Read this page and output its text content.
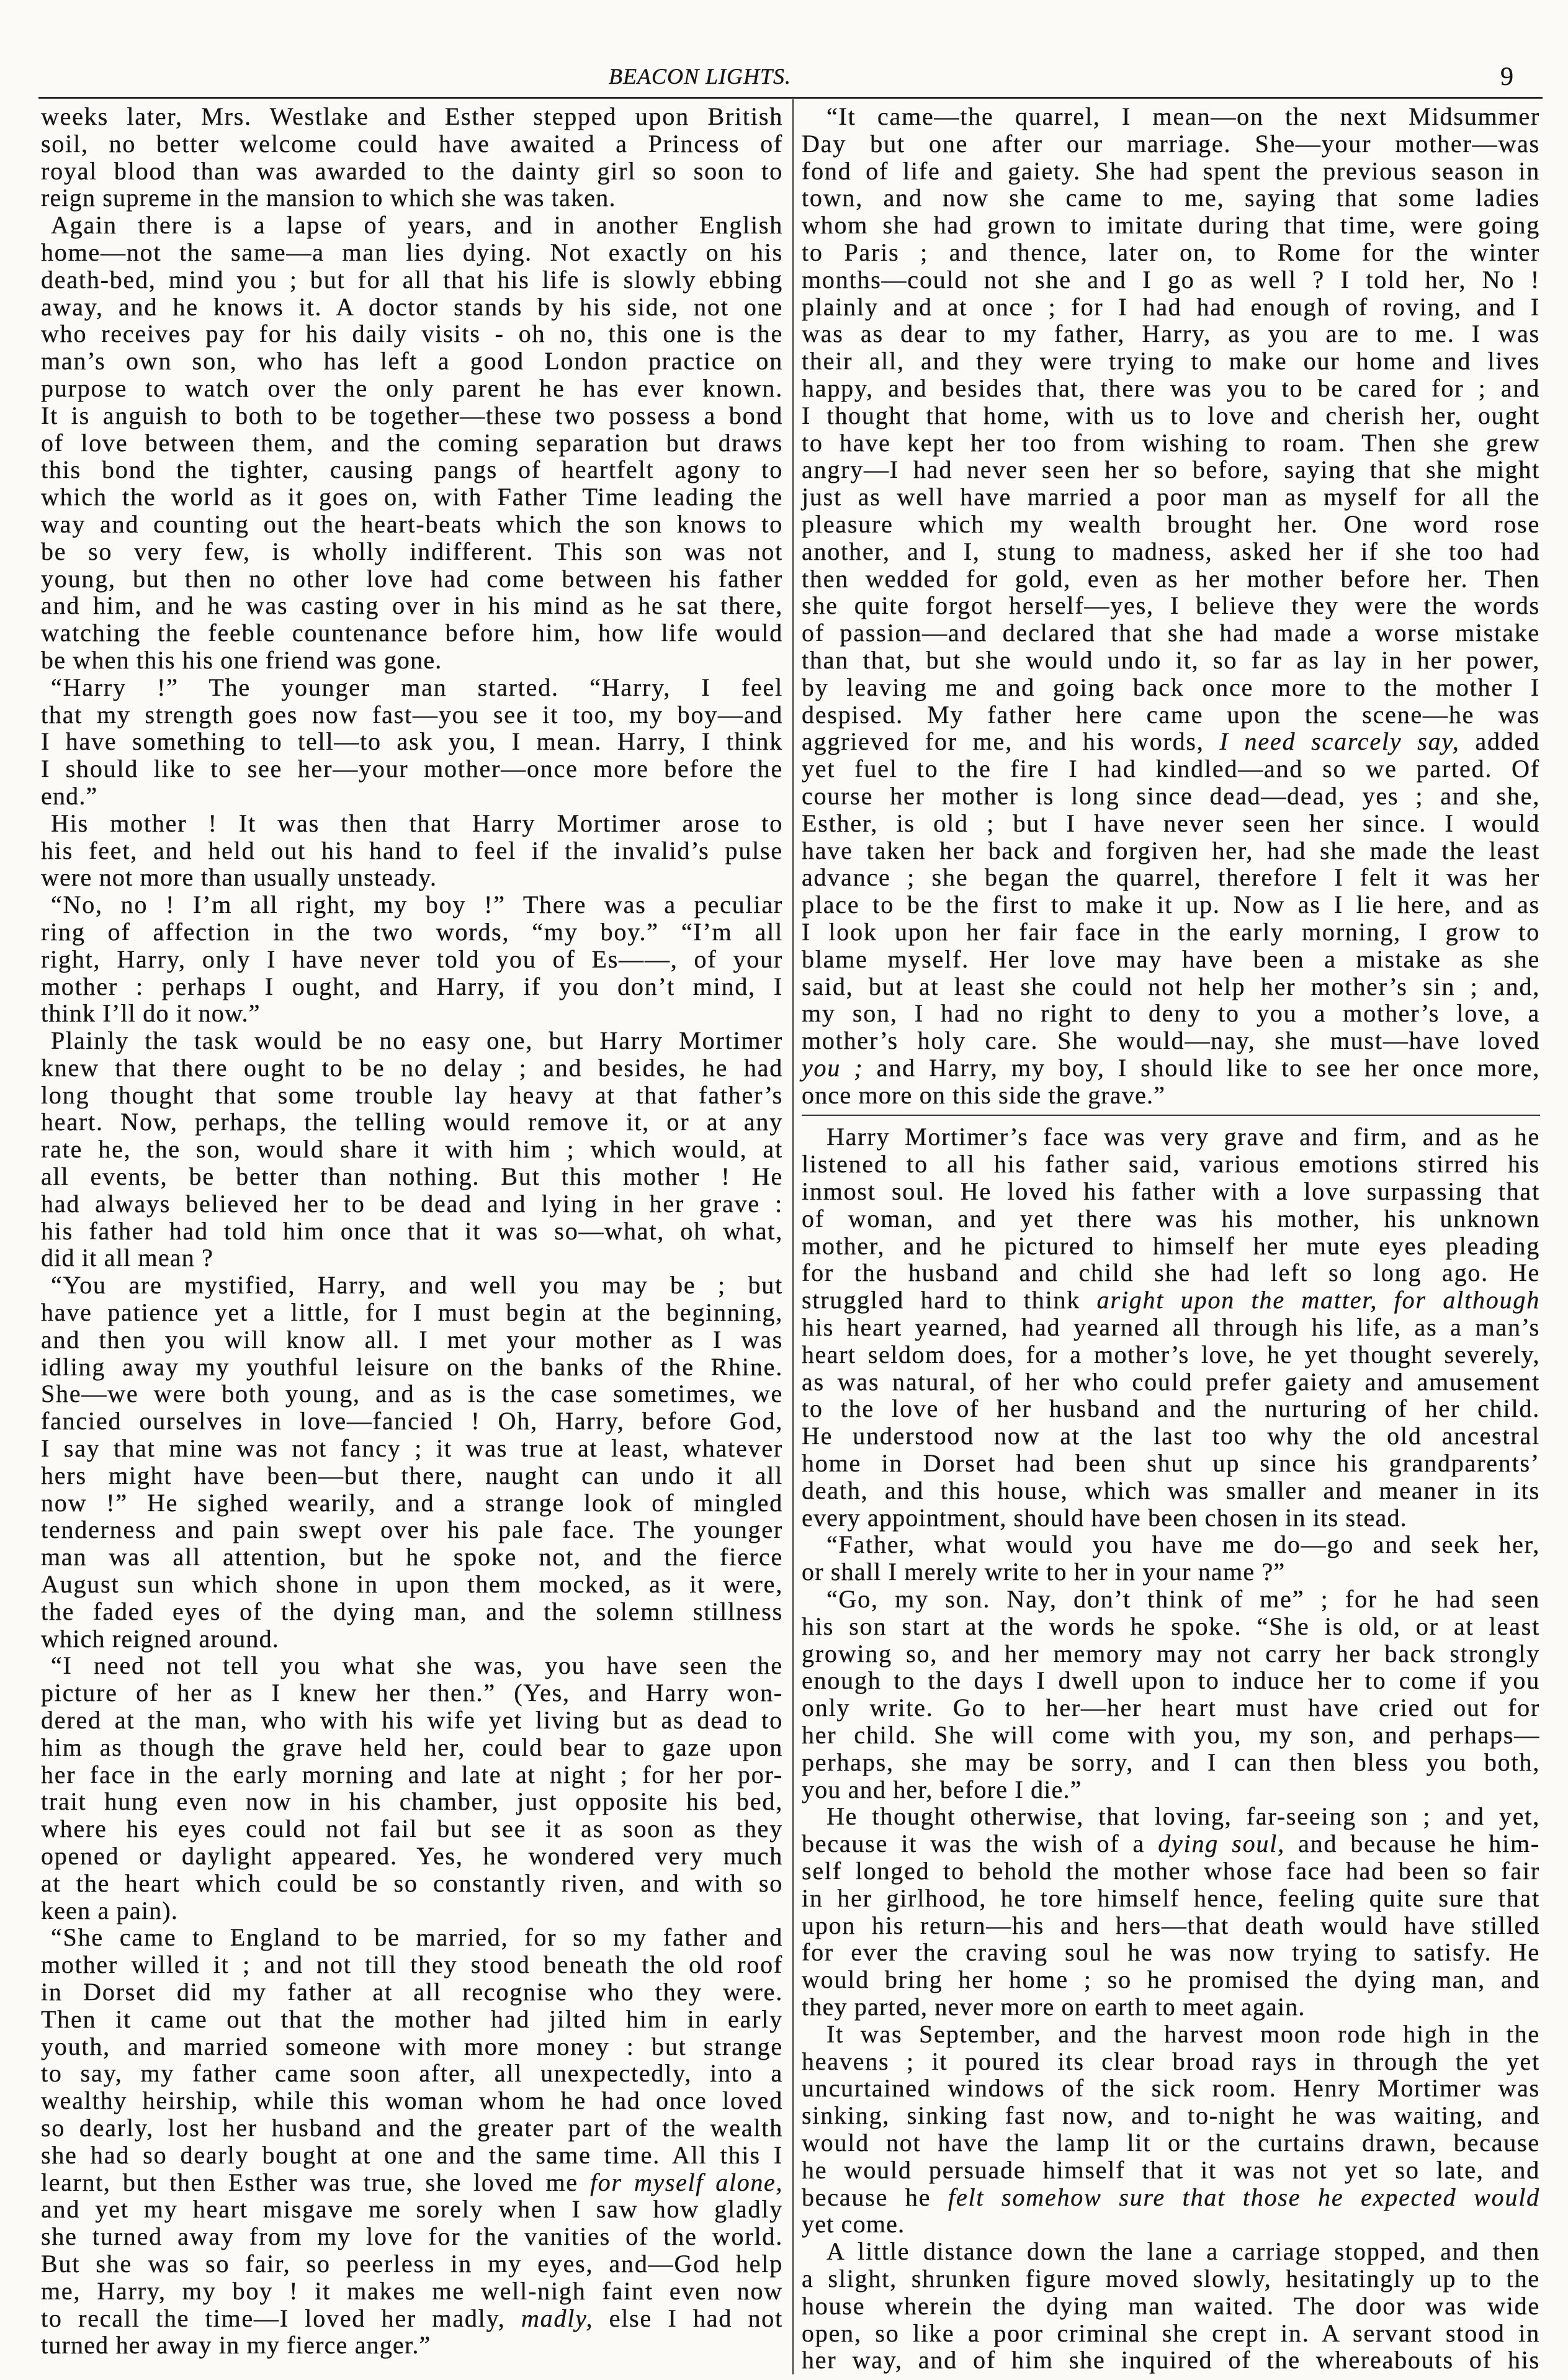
BEACON LIGHTS.	9
weeks later, Mrs. Westlake and Esther stepped upon British
soil, no better welcome could have awaited a Princess of
royal blood than was awarded to the dainty girl so soon to
reign supreme in the mansion to which she was taken.
Again there is a lapse of years, and in another English
home—not the same—a man lies dying. Not exactly on his
death-bed, mind you ; but for all that his life is slowly ebbing
away, and he knows it. A doctor stands by his side, not one
who receives pay for his daily visits - oh no, this one is the
man’s own son, who has left a good London practice on
purpose to watch over the only parent he has ever known.
It is anguish to both to be together—these two possess a bond
of love between them, and the coming separation but draws
this bond the tighter, causing pangs of heartfelt agony to
which the world as it goes on, with Father Time leading the
way and counting out the heart-beats which the son knows to
be so very few, is wholly indifferent. This son was not
young, but then no other love had come between his father
and him, and he was casting over in his mind as he sat there,
watching the feeble countenance before him, how life would
be when this his one friend was gone.
“Harry !” The younger man started. “Harry, I feel
that my strength goes now fast—you see it too, my boy—and
I have something to tell—to ask you, I mean. Harry, I think
I should like to see her—your mother—once more before the
end.”
His mother ! It was then that Harry Mortimer arose to
his feet, and held out his hand to feel if the invalid’s pulse
were not more than usually unsteady.
“No, no ! I’m all right, my boy !” There was a peculiar
ring of affection in the two words, “my boy.” “I’m all
right, Harry, only I have never told you of Es——, of your
mother : perhaps I ought, and Harry, if you don’t mind, I
think I’ll do it now.”
Plainly the task would be no easy one, but Harry Mortimer
knew that there ought to be no delay ; and besides, he had
long thought that some trouble lay heavy at that father’s
heart. Now, perhaps, the telling would remove it, or at any
rate he, the son, would share it with him ; which would, at
all events, be better than nothing. But this mother ! He
had always believed her to be dead and lying in her grave :
his father had told him once that it was so—what, oh what,
did it all mean ?
“You are mystified, Harry, and well you may be ; but
have patience yet a little, for I must begin at the beginning,
and then you will know all. I met your mother as I was
idling away my youthful leisure on the banks of the Rhine.
She—we were both young, and as is the case sometimes, we
fancied ourselves in love—fancied ! Oh, Harry, before God,
I say that mine was not fancy ; it was true at least, whatever
hers might have been—but there, naught can undo it all
now !” He sighed wearily, and a strange look of mingled
tenderness and pain swept over his pale face. The younger
man was all attention, but he spoke not, and the fierce
August sun which shone in upon them mocked, as it were,
the faded eyes of the dying man, and the solemn stillness
which reigned around.
“I need not tell you what she was, you have seen the
picture of her as I knew her then.” (Yes, and Harry won-
dered at the man, who with his wife yet living but as dead to
him as though the grave held her, could bear to gaze upon
her face in the early morning and late at night ; for her por-
trait hung even now in his chamber, just opposite his bed,
where his eyes could not fail but see it as soon as they
opened or daylight appeared. Yes, he wondered very much
at the heart which could be so constantly riven, and with so
keen a pain).
“She came to England to be married, for so my father and
mother willed it ; and not till they stood beneath the old roof
in Dorset did my father at all recognise who they were.
Then it came out that the mother had jilted him in early
youth, and married someone with more money : but strange
to say, my father came soon after, all unexpectedly, into a
wealthy heirship, while this woman whom he had once loved
so dearly, lost her husband and the greater part of the wealth
she had so dearly bought at one and the same time. All this I
learnt, but then Esther was true, she loved me for myself alone,
and yet my heart misgave me sorely when I saw how gladly
she turned away from my love for the vanities of the world.
But she was so fair, so peerless in my eyes, and—God help
me, Harry, my boy ! it makes me well-nigh faint even now
to recall the time—I loved her madly, madly, else I had not
turned her away in my fierce anger.”
“It came—the quarrel, I mean—on the next Midsummer
Day but one after our marriage. She—your mother—was
fond of life and gaiety. She had spent the previous season in
town, and now she came to me, saying that some ladies
whom she had grown to imitate during that time, were going
to Paris ; and thence, later on, to Rome for the winter
months—could not she and I go as well ? I told her, No !
plainly and at once ; for I had had enough of roving, and I
was as dear to my father, Harry, as you are to me. I was
their all, and they were trying to make our home and lives
happy, and besides that, there was you to be cared for ; and
I thought that home, with us to love and cherish her, ought
to have kept her too from wishing to roam. Then she grew
angry—I had never seen her so before, saying that she might
just as well have married a poor man as myself for all the
pleasure which my wealth brought her. One word rose
another, and I, stung to madness, asked her if she too had
then wedded for gold, even as her mother before her. Then
she quite forgot herself—yes, I believe they were the words
of passion—and declared that she had made a worse mistake
than that, but she would undo it, so far as lay in her power,
by leaving me and going back once more to the mother I
despised. My father here came upon the scene—he was
aggrieved for me, and his words, I need scarcely say, added
yet fuel to the fire I had kindled—and so we parted. Of
course her mother is long since dead—dead, yes ; and she,
Esther, is old ; but I have never seen her since. I would
have taken her back and forgiven her, had she made the least
advance ; she began the quarrel, therefore I felt it was her
place to be the first to make it up. Now as I lie here, and as
I look upon her fair face in the early morning, I grow to
blame myself. Her love may have been a mistake as she
said, but at least she could not help her mother’s sin ; and,
my son, I had no right to deny to you a mother’s love, a
mother’s holy care. She would—nay, she must—have loved
you ; and Harry, my boy, I should like to see her once more,
once more on this side the grave.”
Harry Mortimer’s face was very grave and firm, and as he
listened to all his father said, various emotions stirred his
inmost soul. He loved his father with a love surpassing that
of woman, and yet there was his mother, his unknown
mother, and he pictured to himself her mute eyes pleading
for the husband and child she had left so long ago. He
struggled hard to think aright upon the matter, for although
his heart yearned, had yearned all through his life, as a man’s
heart seldom does, for a mother’s love, he yet thought severely,
as was natural, of her who could prefer gaiety and amusement
to the love of her husband and the nurturing of her child.
He understood now at the last too why the old ancestral
home in Dorset had been shut up since his grandparents’
death, and this house, which was smaller and meaner in its
every appointment, should have been chosen in its stead.
“Father, what would you have me do—go and seek her,
or shall I merely write to her in your name ?”
“Go, my son. Nay, don’t think of me” ; for he had seen
his son start at the words he spoke. “She is old, or at least
growing so, and her memory may not carry her back strongly
enough to the days I dwell upon to induce her to come if you
only write. Go to her—her heart must have cried out for
her child. She will come with you, my son, and perhaps—
perhaps, she may be sorry, and I can then bless you both,
you and her, before I die.”
He thought otherwise, that loving, far-seeing son ; and yet,
because it was the wish of a dying soul, and because he him-
self longed to behold the mother whose face had been so fair
in her girlhood, he tore himself hence, feeling quite sure that
upon his return—his and hers—that death would have stilled
for ever the craving soul he was now trying to satisfy. He
would bring her home ; so he promised the dying man, and
they parted, never more on earth to meet again.
It was September, and the harvest moon rode high in the
heavens ; it poured its clear broad rays in through the yet
uncurtained windows of the sick room. Henry Mortimer was
sinking, sinking fast now, and to-night he was waiting, and
would not have the lamp lit or the curtains drawn, because
he would persuade himself that it was not yet so late, and
because he felt somehow sure that those he expected would
yet come.
A little distance down the lane a carriage stopped, and then
a slight, shrunken figure moved slowly, hesitatingly up to the
house wherein the dying man waited. The door was wide
open, so like a poor criminal she crept in. A servant stood in
her way, and of him she inquired of the whereabouts of his
